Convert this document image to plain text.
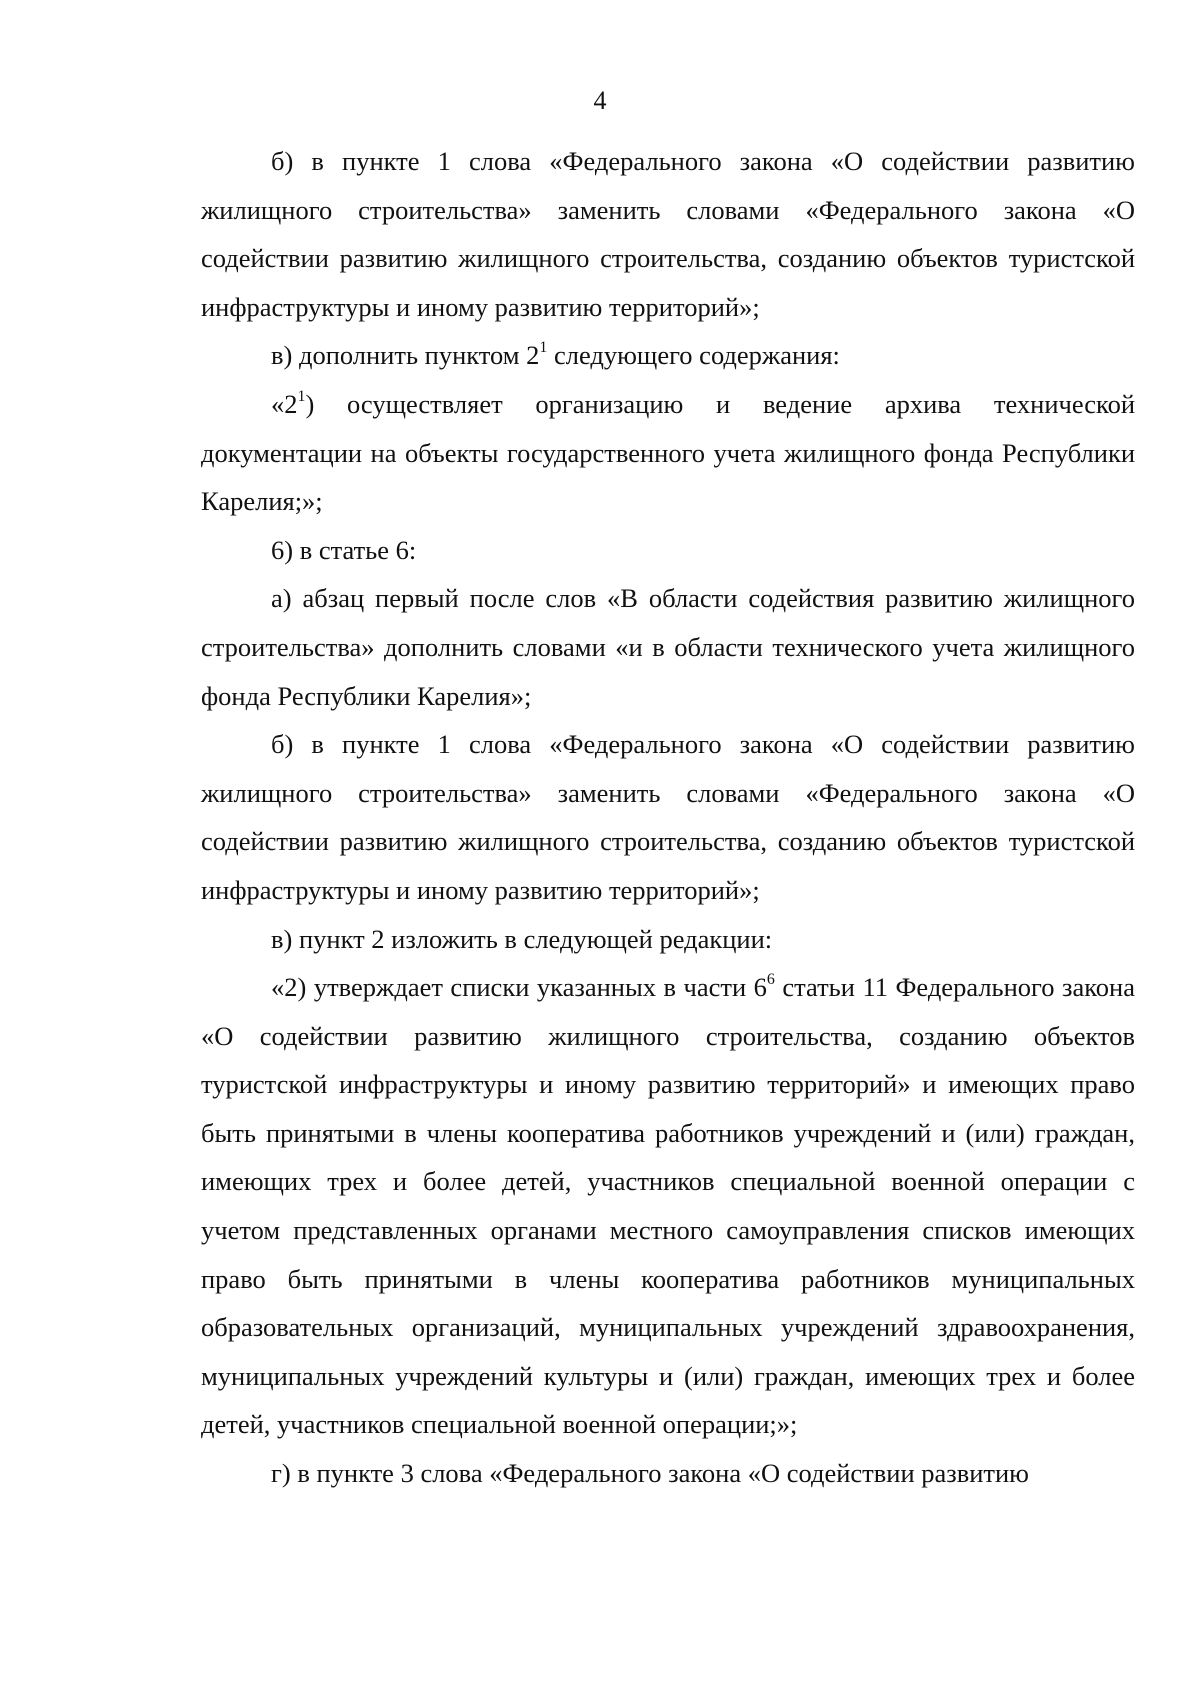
4

б) в пункте 1 слова «Федерального закона «О содействии развитию жилищного строительства» заменить словами «Федерального закона «О содействии развитию жилищного строительства, созданию объектов туристской инфраструктуры и иному развитию территорий»;

в) дополнить пунктом $2^1$ следующего содержания:

«$2^1$) осуществляет организацию и ведение архива технической документации на объекты государственного учета жилищного фонда Республики Карелия;»;

6) в статье 6:

а) абзац первый после слов «В области содействия развитию жилищного строительства» дополнить словами «и в области технического учета жилищного фонда Республики Карелия»;

б) в пункте 1 слова «Федерального закона «О содействии развитию жилищного строительства» заменить словами «Федерального закона «О содействии развитию жилищного строительства, созданию объектов туристской инфраструктуры и иному развитию территорий»;

в) пункт 2 изложить в следующей редакции:

«2) утверждает списки указанных в части $6^6$ статьи 11 Федерального закона «О содействии развитию жилищного строительства, созданию объектов туристской инфраструктуры и иному развитию территорий» и имеющих право быть принятыми в члены кооператива работников учреждений и (или) граждан, имеющих трех и более детей, участников специальной военной операции с учетом представленных органами местного самоуправления списков имеющих право быть принятыми в члены кооператива работников муниципальных образовательных организаций, муниципальных учреждений здравоохранения, муниципальных учреждений культуры и (или) граждан, имеющих трех и более детей, участников специальной военной операции;»;

г) в пункте 3 слова «Федерального закона «О содействии развитию
